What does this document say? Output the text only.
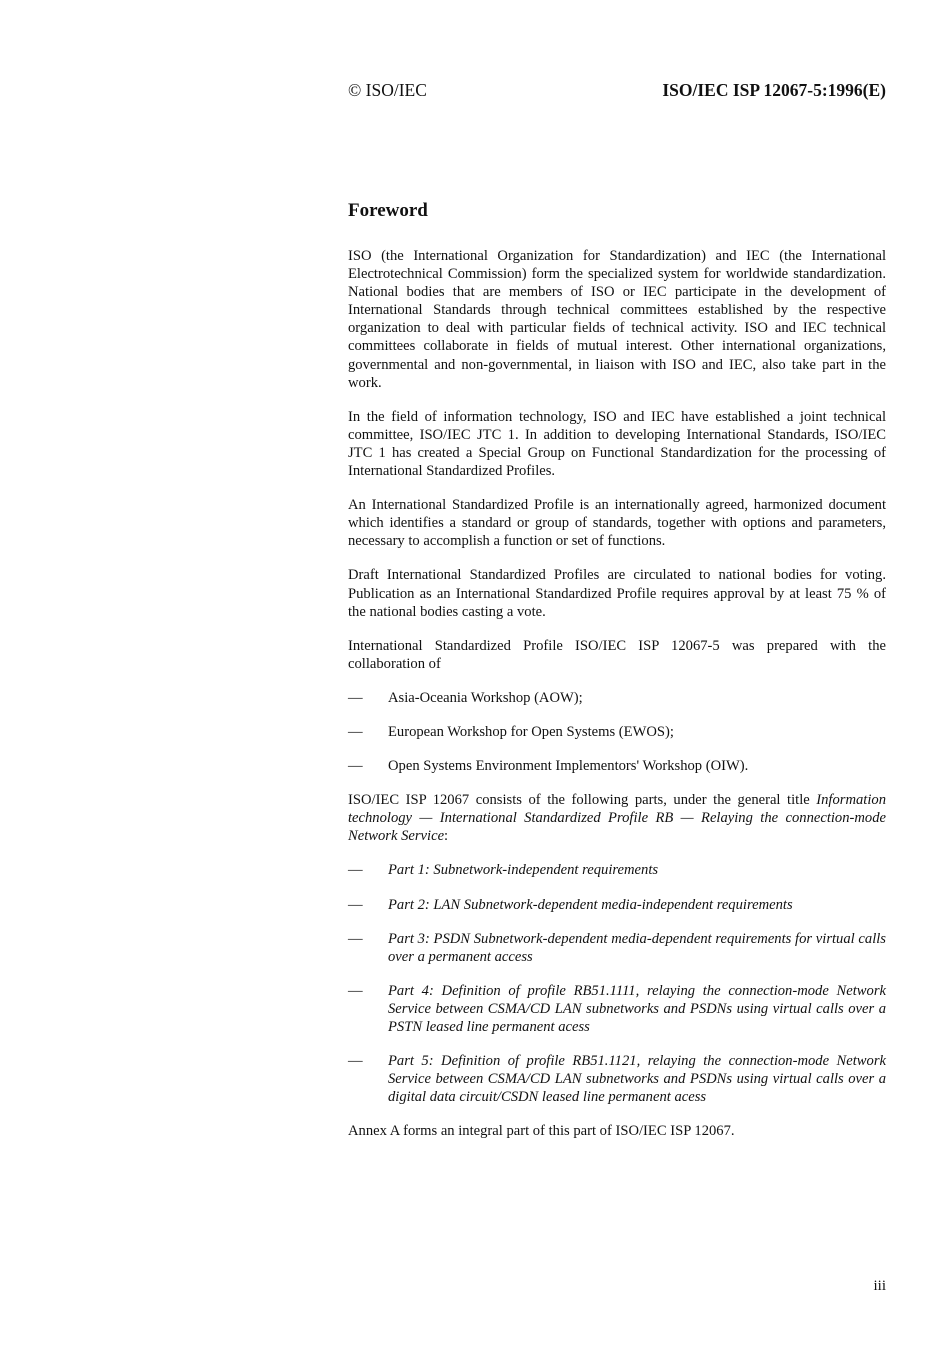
© ISO/IEC	ISO/IEC ISP 12067-5:1996(E)
Foreword

ISO (the International Organization for Standardization) and IEC (the International Electrotechnical Commission) form the specialized system for worldwide standardization. National bodies that are members of ISO or IEC participate in the development of International Standards through technical committees established by the respective organization to deal with particular fields of technical activity. ISO and IEC technical committees collaborate in fields of mutual interest. Other international organizations, governmental and non-governmental, in liaison with ISO and IEC, also take part in the work.

In the field of information technology, ISO and IEC have established a joint technical committee, ISO/IEC JTC 1. In addition to developing International Standards, ISO/IEC JTC 1 has created a Special Group on Functional Standardization for the processing of International Standardized Profiles.

An International Standardized Profile is an internationally agreed, harmonized document which identifies a standard or group of standards, together with options and parameters, necessary to accomplish a function or set of functions.

Draft International Standardized Profiles are circulated to national bodies for voting. Publication as an International Standardized Profile requires approval by at least 75 % of the national bodies casting a vote.

International Standardized Profile ISO/IEC ISP 12067-5 was prepared with the collaboration of

—	Asia-Oceania Workshop (AOW);
—	European Workshop for Open Systems (EWOS);
—	Open Systems Environment Implementors' Workshop (OIW).

ISO/IEC ISP 12067 consists of the following parts, under the general title Information technology — International Standardized Profile RB — Relaying the connection-mode Network Service:

—	Part 1: Subnetwork-independent requirements
—	Part 2: LAN Subnetwork-dependent media-independent requirements
—	Part 3: PSDN Subnetwork-dependent media-dependent requirements for virtual calls over a permanent access
—	Part 4: Definition of profile RB51.1111, relaying the connection-mode Network Service between CSMA/CD LAN subnetworks and PSDNs using virtual calls over a PSTN leased line permanent acess
—	Part 5: Definition of profile RB51.1121, relaying the connection-mode Network Service between CSMA/CD LAN subnetworks and PSDNs using virtual calls over a digital data circuit/CSDN leased line permanent acess

Annex A forms an integral part of this part of ISO/IEC ISP 12067.

iii
